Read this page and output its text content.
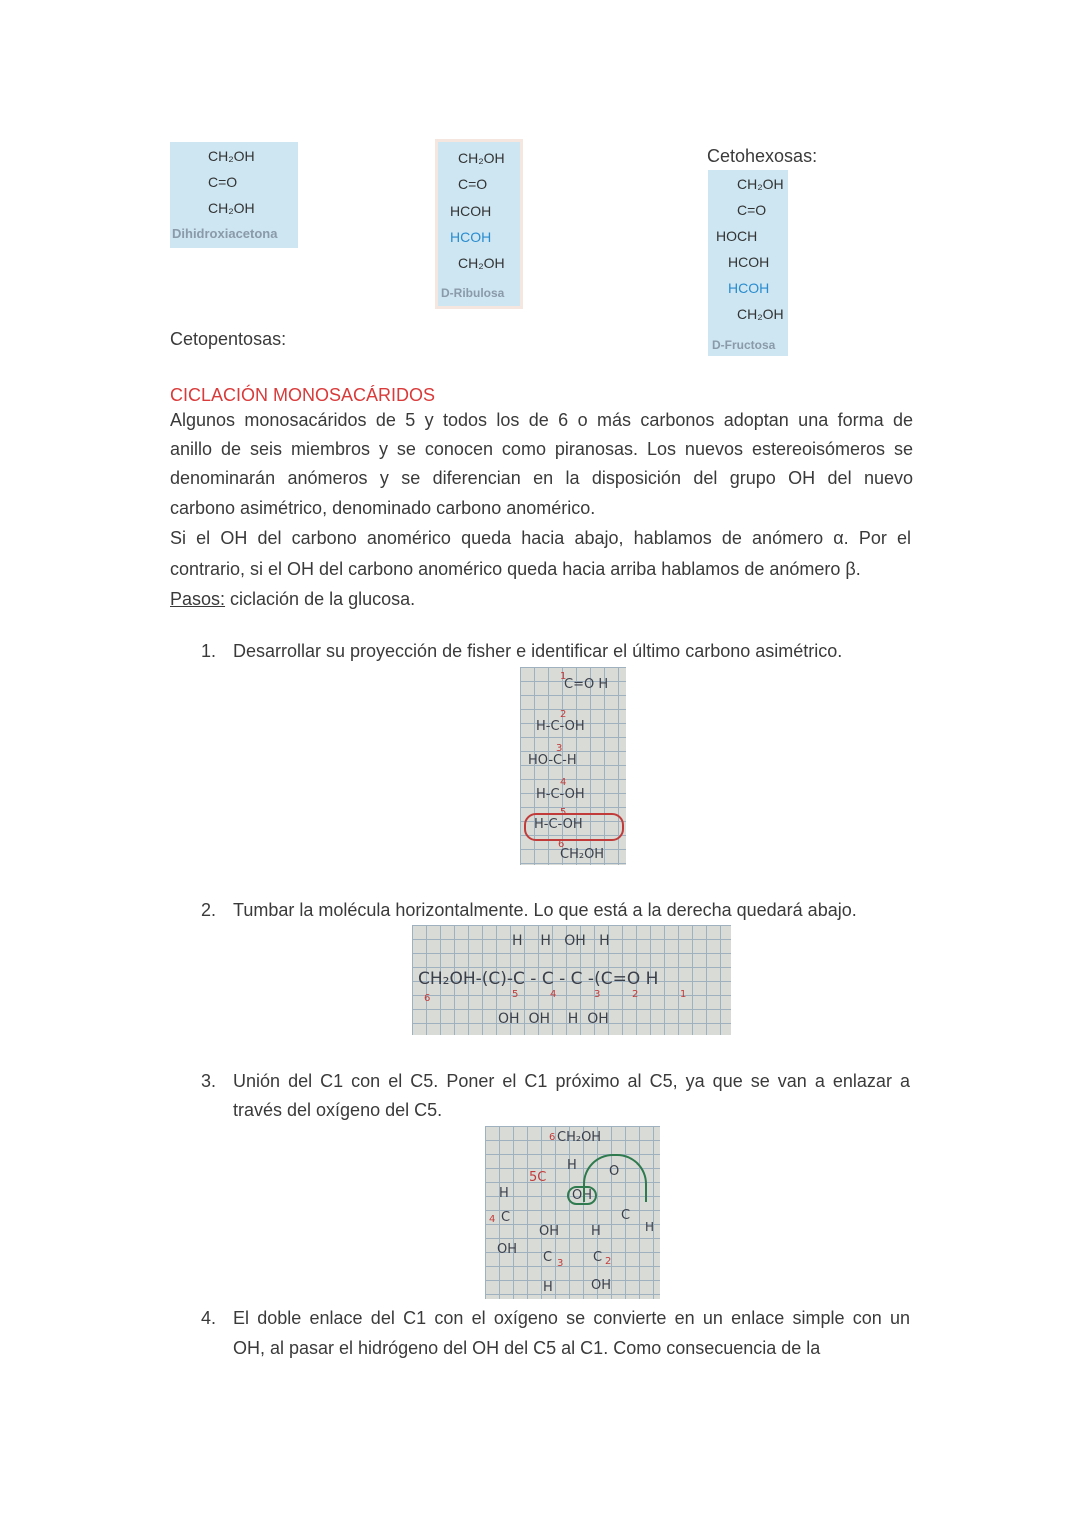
CH₂OH
C=O
CH₂OH
Dihidroxiacetona
CH₂OH
C=O
HCOH
HCOH
CH₂OH
D-Ribulosa
Cetohexosas:
CH₂OH
C=O
HOCH
HCOH
HCOH
CH₂OH
D-Fructosa
Cetopentosas:
CICLACIÓN MONOSACÁRIDOS
Algunos monosacáridos de 5 y todos los de 6 o más carbonos adoptan una forma de
anillo de seis miembros y se conocen como piranosas. Los nuevos estereoisómeros se
denominarán anómeros y se diferencian en la disposición del grupo OH del nuevo
carbono asimétrico, denominado carbono anomérico.
Si el OH del carbono anomérico queda hacia abajo, hablamos de anómero α. Por el
contrario, si el OH del carbono anomérico queda hacia arriba hablamos de anómero β.
Pasos: ciclación de la glucosa.
1. Desarrollar su proyección de fisher e identificar el último carbono asimétrico.
1
C=O H
2
H-C-OH
3
HO-C-H
4
H-C-OH
5
H-C-OH
6
CH₂OH
2. Tumbar la molécula horizontalmente. Lo que está a la derecha quedará abajo.
H    H   OH   H
CH₂OH-(C)-C - C - C -(C=O H
6	5	4	3	2	1
OH  OH    H  OH
3. Unión del C1 con el C5. Poner el C1 próximo al C5, ya que se van a enlazar a
través del oxígeno del C5.
6 CH₂OH
5C
H
OH
O
C
H
H
4 C
OH
OH
C 3
H
H
C 2
OH
4. El doble enlace del C1 con el oxígeno se convierte en un enlace simple con un
OH, al pasar el hidrógeno del OH del C5 al C1. Como consecuencia de la
